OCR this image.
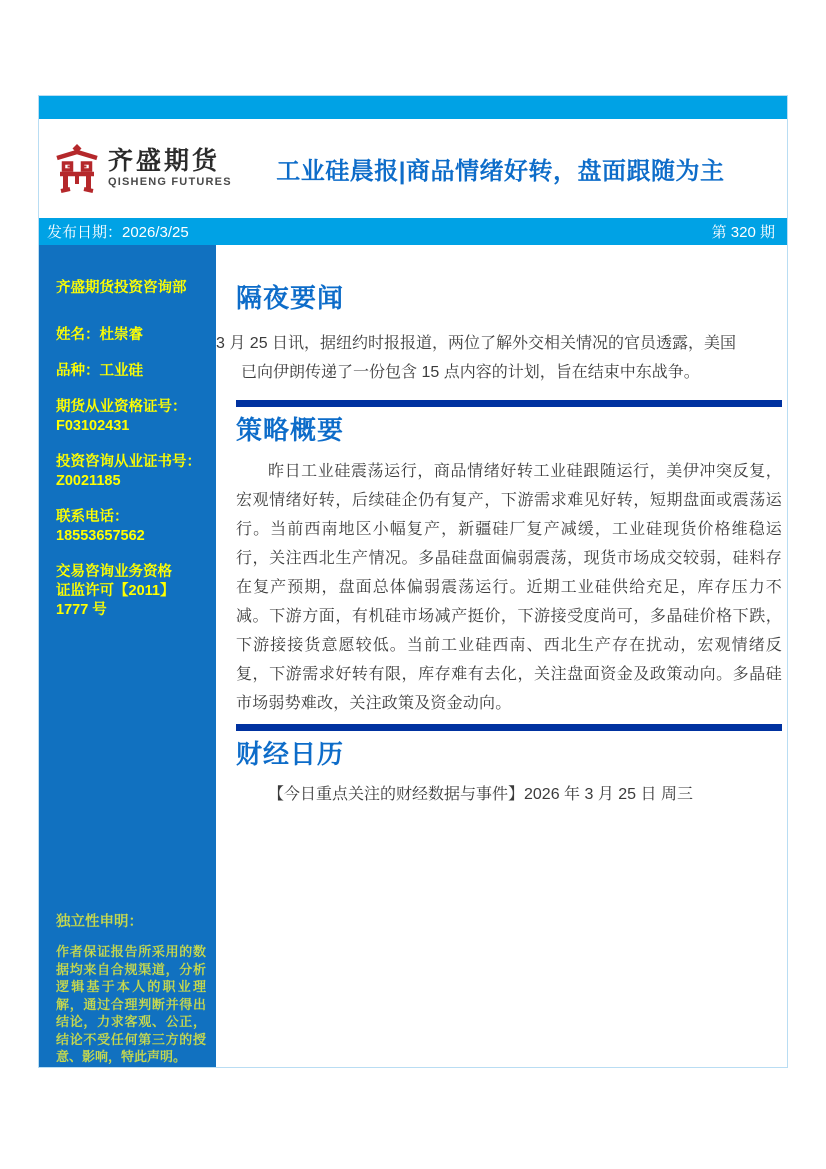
齐盛期货
QISHENG FUTURES	工业硅晨报|商品情绪好转，盘面跟随为主
发布日期：2026/3/25	第 320 期
齐盛期货投资咨询部
姓名：杜崇睿
品种：工业硅
期货从业资格证号：
F03102431
投资咨询从业证书号：
Z0021185
联系电话：18553657562
交易咨询业务资格
证监许可【2011】1777 号
独立性申明：
作者保证报告所采用的数据均来自合规渠道，分析逻辑基于本人的职业理解，通过合理判断并得出结论，力求客观、公正，结论不受任何第三方的授意、影响，特此声明。
隔夜要闻
3 月 25 日讯，据纽约时报报道，两位了解外交相关情况的官员透露，美国
已向伊朗传递了一份包含 15 点内容的计划，旨在结束中东战争。
策略概要
昨日工业硅震荡运行，商品情绪好转工业硅跟随运行，美伊冲突反复，宏观情绪好转，后续硅企仍有复产，下游需求难见好转，短期盘面或震荡运行。当前西南地区小幅复产，新疆硅厂复产减缓，工业硅现货价格维稳运行，关注西北生产情况。多晶硅盘面偏弱震荡，现货市场成交较弱，硅料存在复产预期，盘面总体偏弱震荡运行。近期工业硅供给充足，库存压力不减。下游方面，有机硅市场减产挺价，下游接受度尚可，多晶硅价格下跌，下游接接货意愿较低。当前工业硅西南、西北生产存在扰动，宏观情绪反复，下游需求好转有限，库存难有去化，关注盘面资金及政策动向。多晶硅市场弱势难改，关注政策及资金动向。
财经日历
【今日重点关注的财经数据与事件】2026 年 3 月 25 日 周三
